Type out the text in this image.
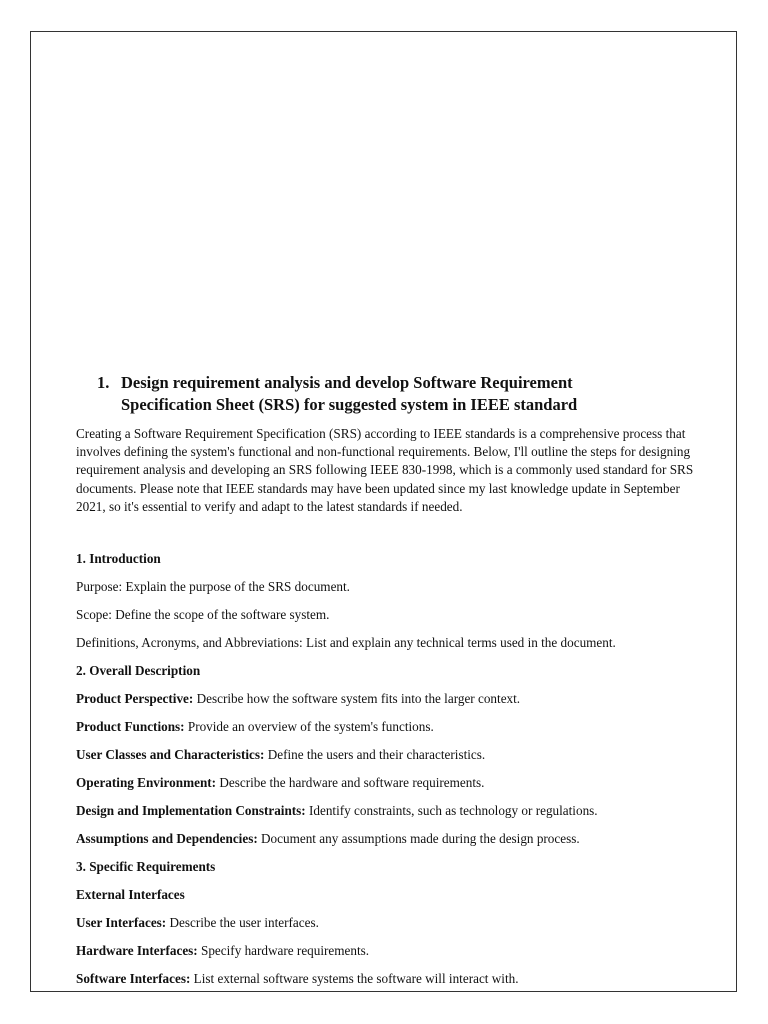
1. Design requirement analysis and develop Software Requirement Specification Sheet (SRS) for suggested system in IEEE standard
Creating a Software Requirement Specification (SRS) according to IEEE standards is a comprehensive process that involves defining the system's functional and non-functional requirements. Below, I'll outline the steps for designing requirement analysis and developing an SRS following IEEE 830-1998, which is a commonly used standard for SRS documents. Please note that IEEE standards may have been updated since my last knowledge update in September 2021, so it's essential to verify and adapt to the latest standards if needed.
1. Introduction
Purpose: Explain the purpose of the SRS document.
Scope: Define the scope of the software system.
Definitions, Acronyms, and Abbreviations: List and explain any technical terms used in the document.
2. Overall Description
Product Perspective: Describe how the software system fits into the larger context.
Product Functions: Provide an overview of the system's functions.
User Classes and Characteristics: Define the users and their characteristics.
Operating Environment: Describe the hardware and software requirements.
Design and Implementation Constraints: Identify constraints, such as technology or regulations.
Assumptions and Dependencies: Document any assumptions made during the design process.
3. Specific Requirements
External Interfaces
User Interfaces: Describe the user interfaces.
Hardware Interfaces: Specify hardware requirements.
Software Interfaces: List external software systems the software will interact with.
